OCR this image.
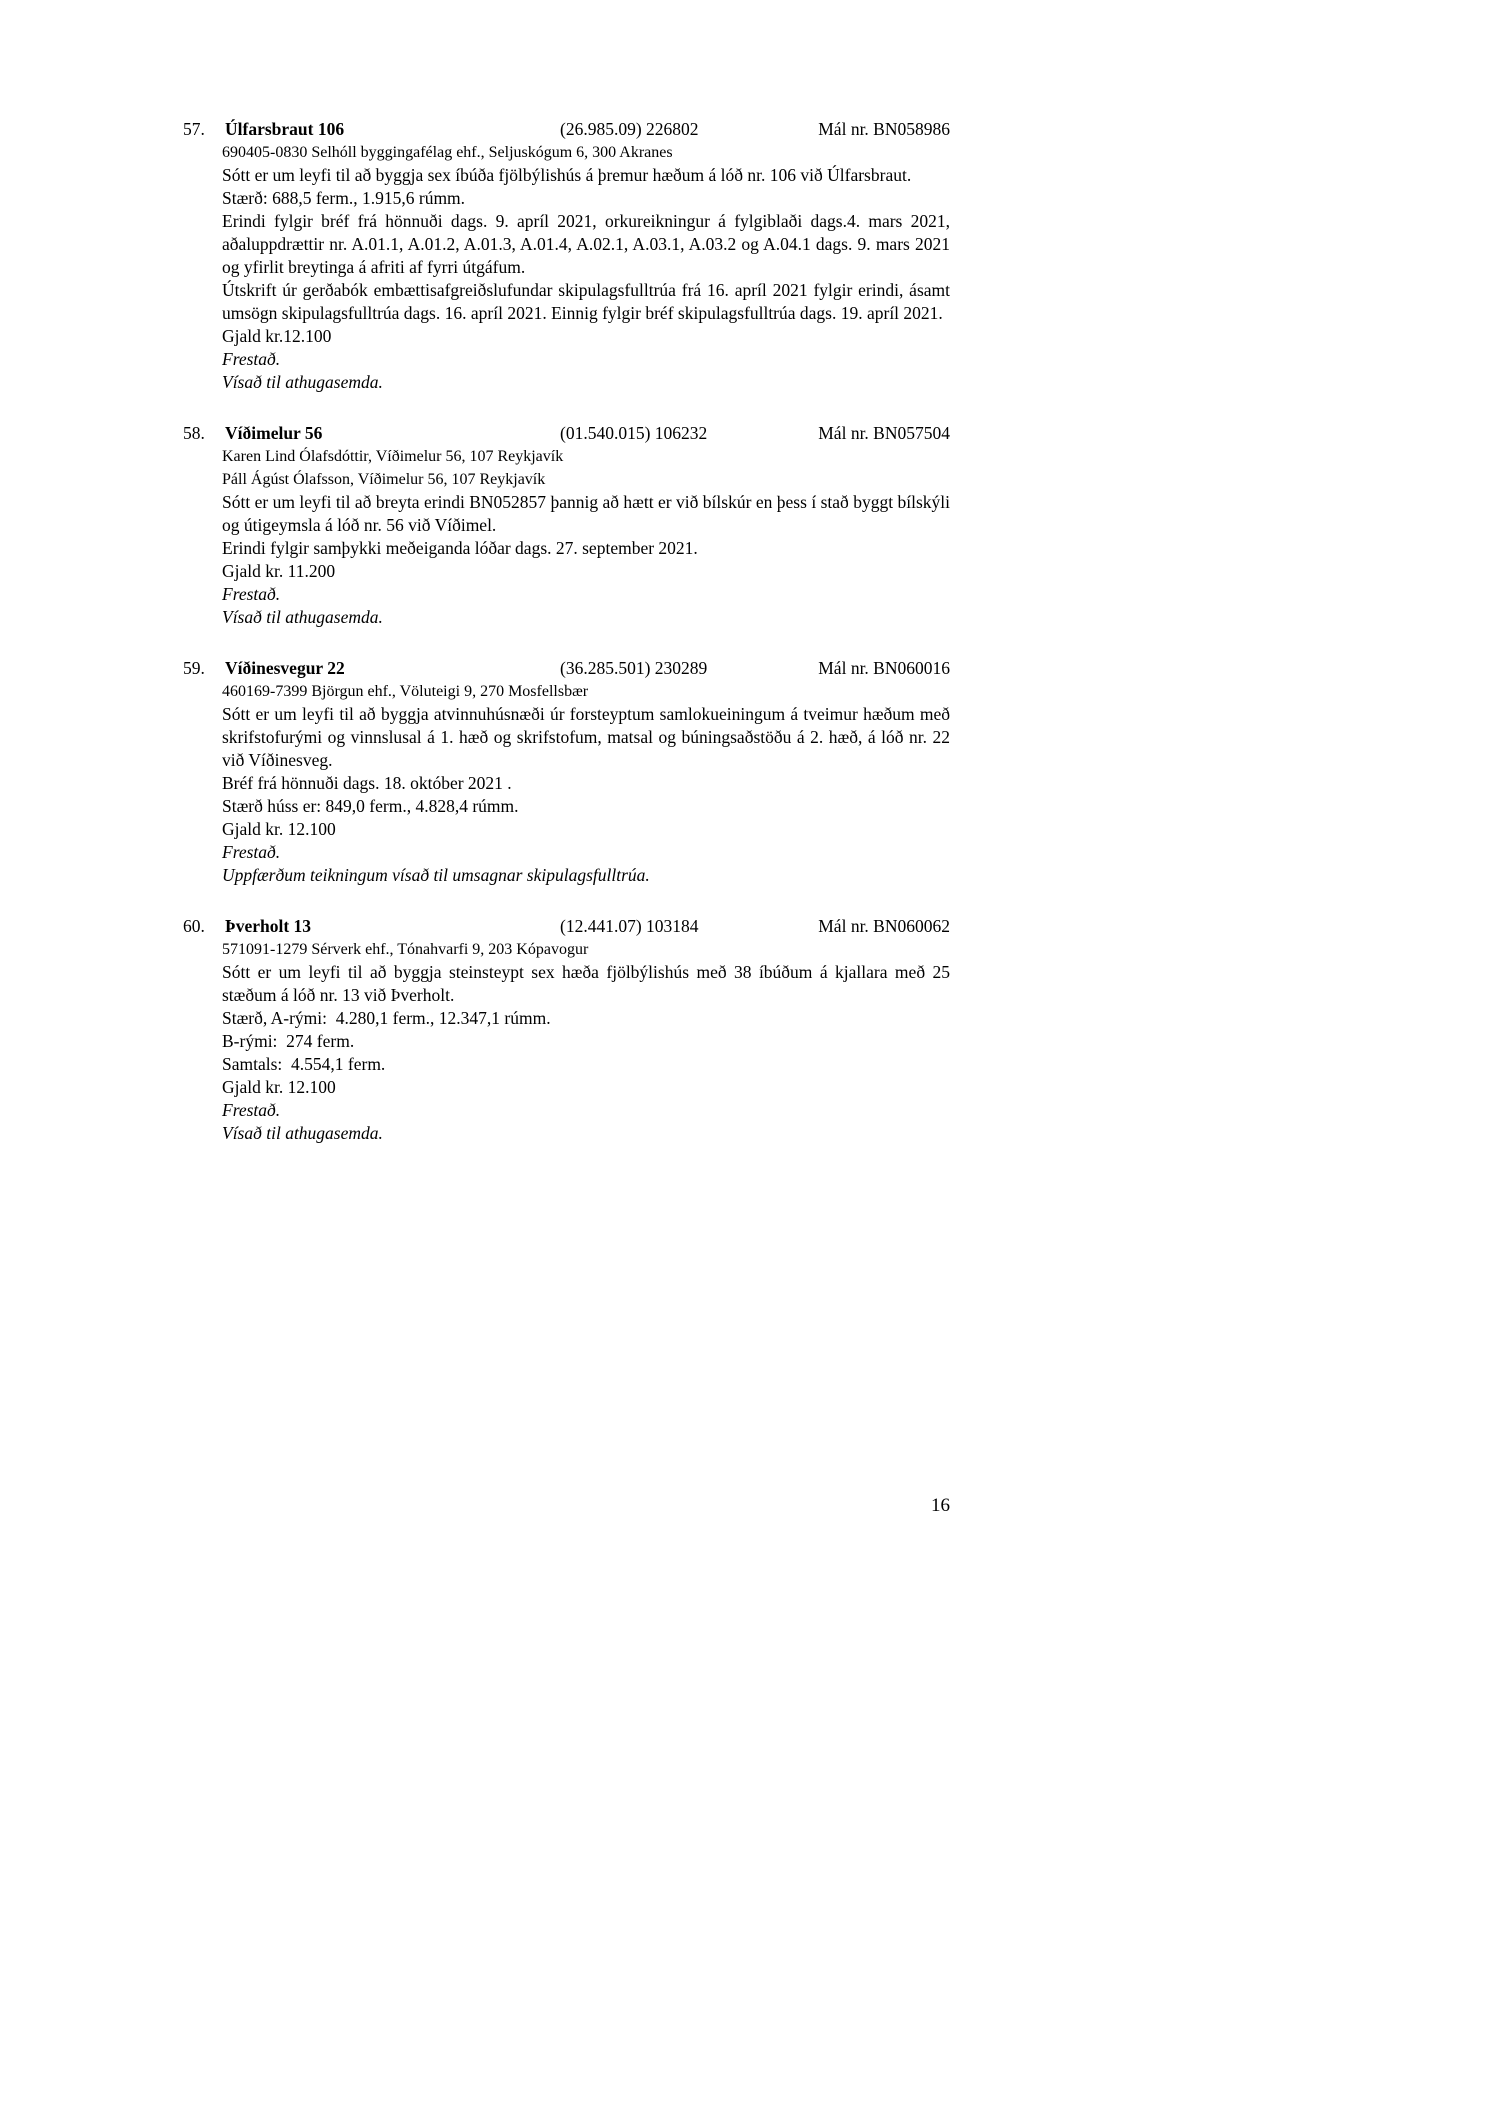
57. Úlfarsbraut 106	(26.985.09) 226802	Mál nr. BN058986
690405-0830 Selhóll byggingafélag ehf., Seljuskógum 6, 300 Akranes
Sótt er um leyfi til að byggja sex íbúða fjölbýlishús á þremur hæðum á lóð nr. 106 við Úlfarsbraut.
Stærð: 688,5 ferm., 1.915,6 rúmm.
Erindi fylgir bréf frá hönnuði dags. 9. apríl 2021, orkureikningur á fylgiblaði dags.4. mars 2021, aðaluppdrættir nr. A.01.1, A.01.2, A.01.3, A.01.4, A.02.1, A.03.1, A.03.2 og A.04.1 dags. 9. mars 2021 og yfirlit breytinga á afriti af fyrri útgáfum.
Útskrift úr gerðabók embættisafgreiðslufundar skipulagsfulltrúa frá 16. apríl 2021 fylgir erindi, ásamt umsögn skipulagsfulltrúa dags. 16. apríl 2021. Einnig fylgir bréf skipulagsfulltrúa dags. 19. apríl 2021.
Gjald kr.12.100
Frestað.
Vísað til athugasemda.
58. Víðimelur 56	(01.540.015) 106232	Mál nr. BN057504
Karen Lind Ólafsdóttir, Víðimelur 56, 107 Reykjavík
Páll Ágúst Ólafsson, Víðimelur 56, 107 Reykjavík
Sótt er um leyfi til að breyta erindi BN052857 þannig að hætt er við bílskúr en þess í stað byggt bílskýli og útigeymsla á lóð nr. 56 við Víðimel.
Erindi fylgir samþykki meðeiganda lóðar dags. 27. september 2021.
Gjald kr. 11.200
Frestað.
Vísað til athugasemda.
59. Víðinesvegur 22	(36.285.501) 230289	Mál nr. BN060016
460169-7399 Björgun ehf., Völuteigi 9, 270 Mosfellsbær
Sótt er um leyfi til að byggja atvinnuhúsnæði úr forsteyptum samlokueiningum á tveimur hæðum með skrifstofurými og vinnslusal á 1. hæð og skrifstofum, matsal og búningsaðstöðu á 2. hæð, á lóð nr. 22 við Víðinesveg.
Bréf frá hönnuði dags. 18. október 2021 .
Stærð húss er: 849,0 ferm., 4.828,4 rúmm.
Gjald kr. 12.100
Frestað.
Uppfærðum teikningum vísað til umsagnar skipulagsfulltrúa.
60. Þverholt 13	(12.441.07) 103184	Mál nr. BN060062
571091-1279 Sérverk ehf., Tónahvarfi 9, 203 Kópavogur
Sótt er um leyfi til að byggja steinsteypt sex hæða fjölbýlishús með 38 íbúðum á kjallara með 25 stæðum á lóð nr. 13 við Þverholt.
Stærð, A-rými:  4.280,1 ferm., 12.347,1 rúmm.
B-rými:  274 ferm.
Samtals:  4.554,1 ferm.
Gjald kr. 12.100
Frestað.
Vísað til athugasemda.
16
